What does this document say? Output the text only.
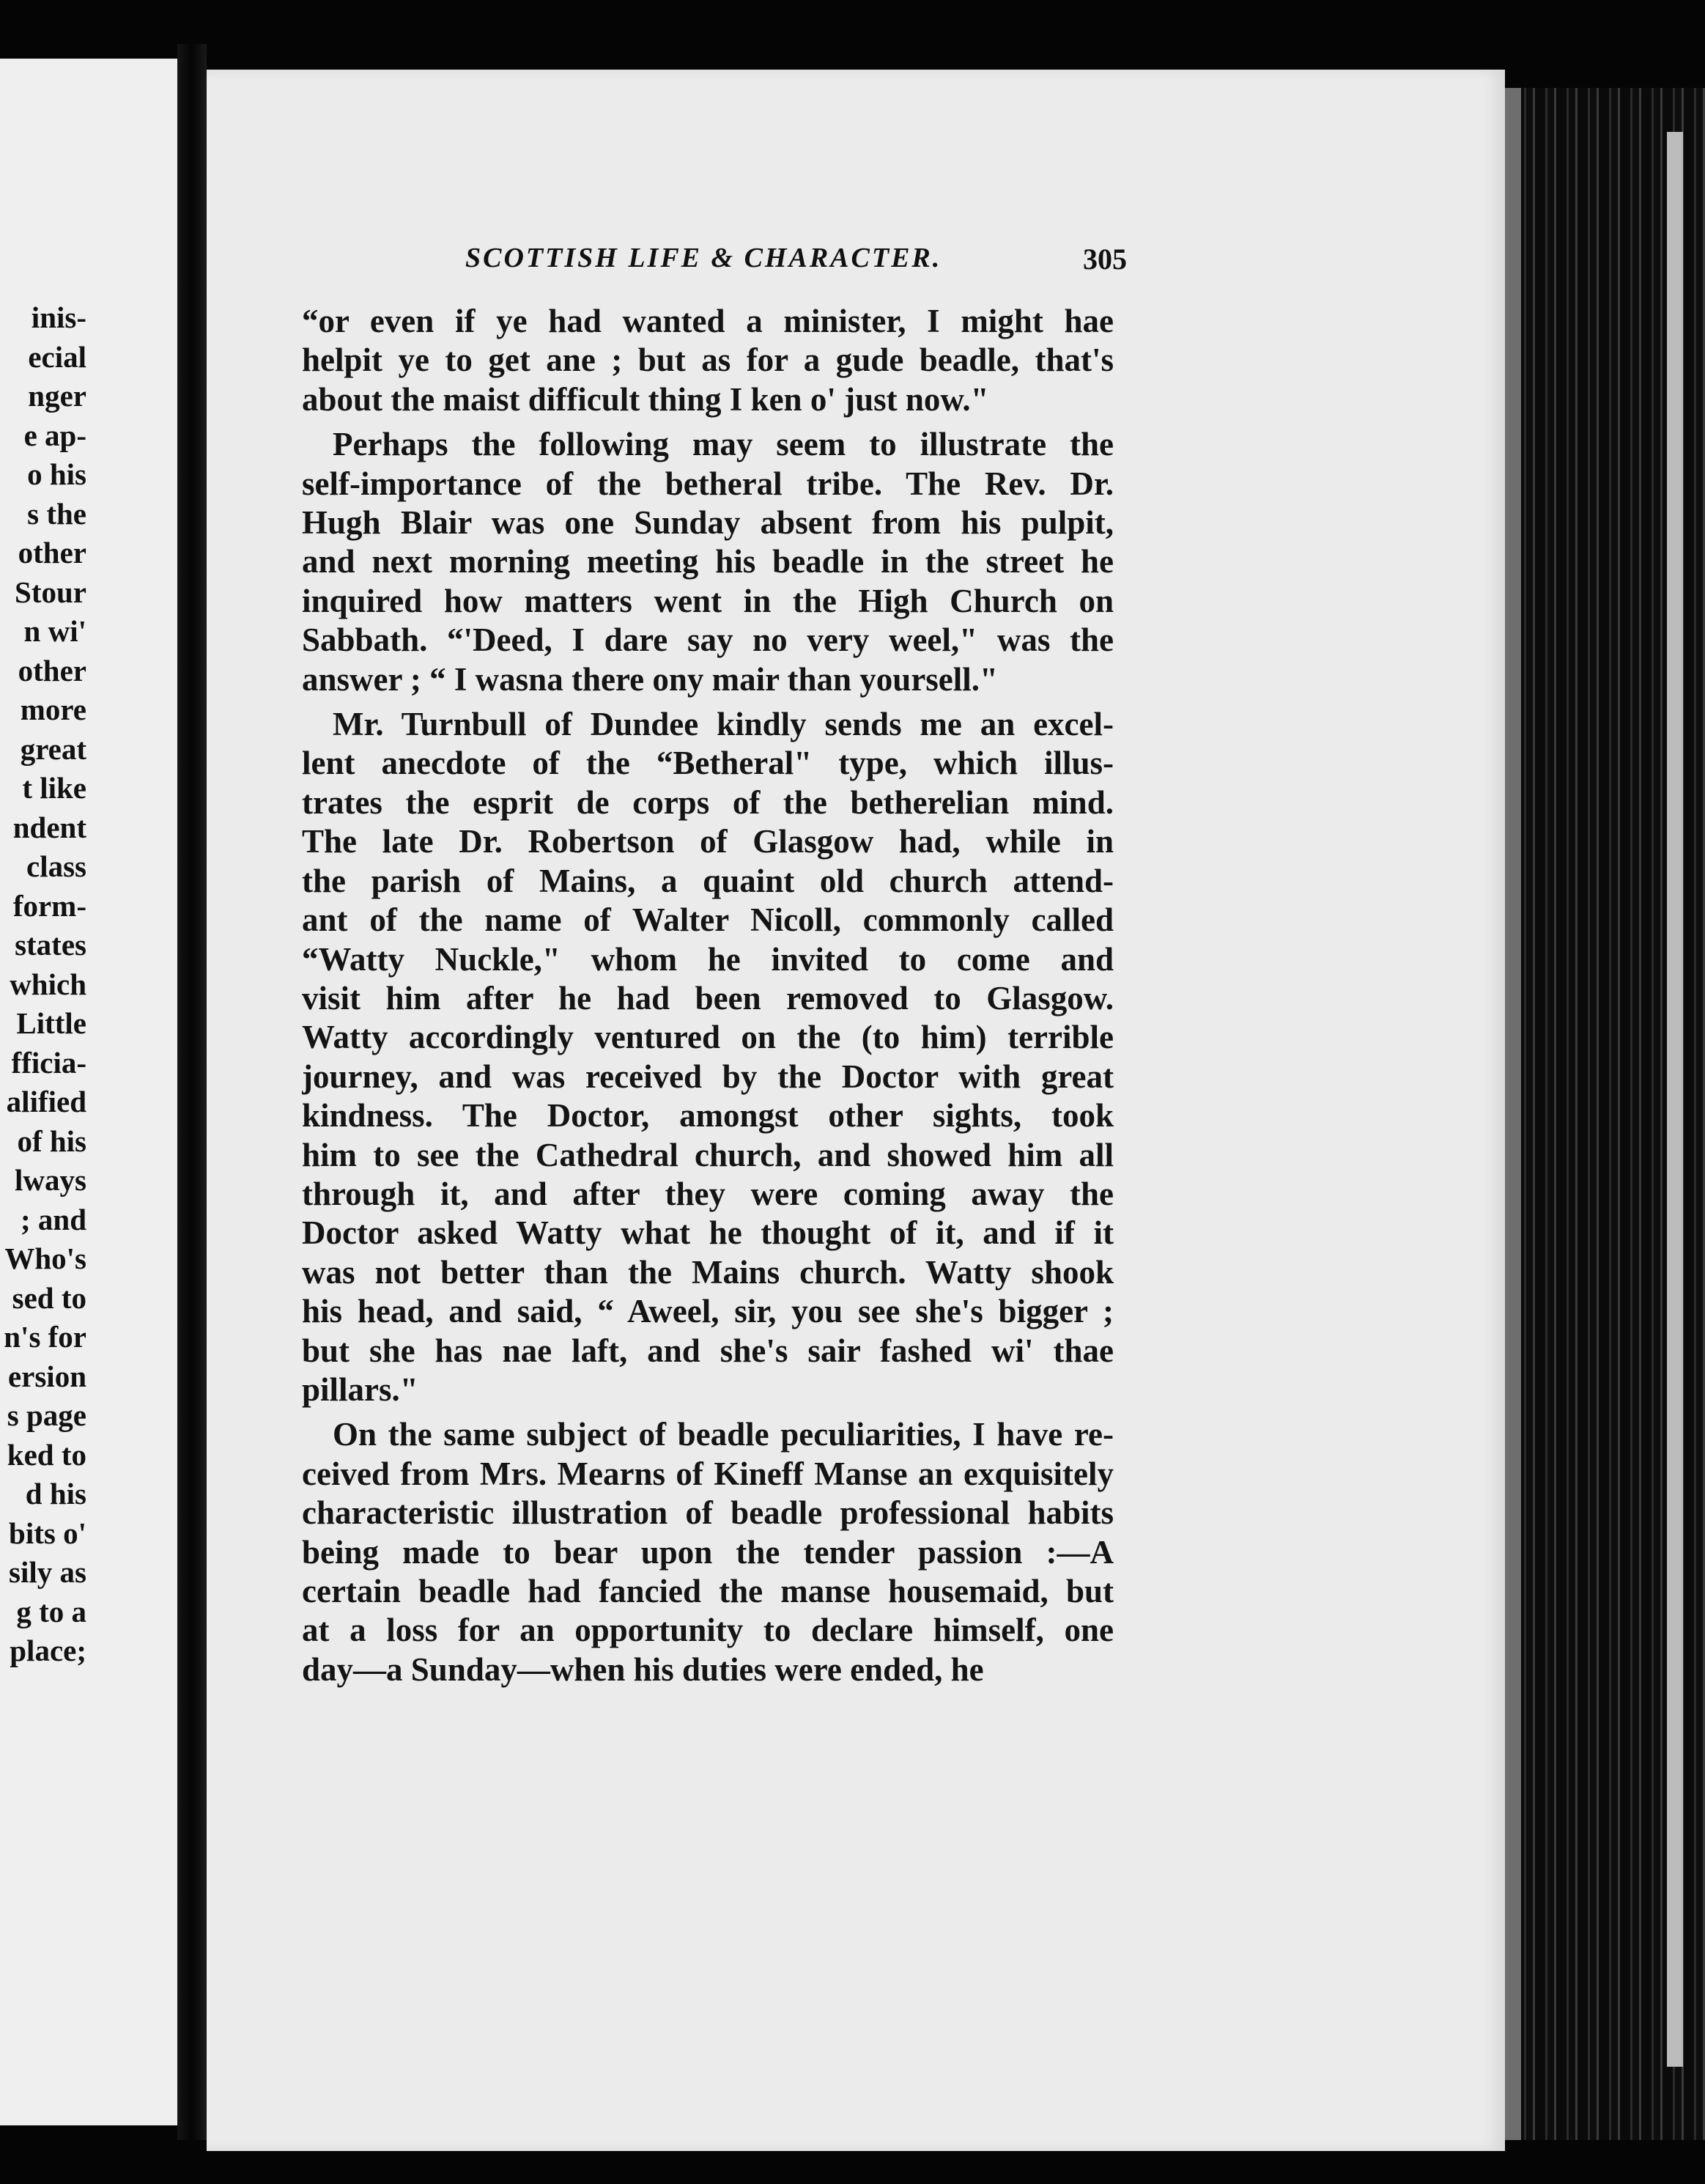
inis-
ecial
nger
e ap-
o his
s the
other
Stour
n wi'
other
more
great
t like
ndent
class
form-
states
which
Little
fficia-
alified
of his
lways
; and
Who's
sed to
n's for
ersion
s page
ked to
d his
bits o'
sily as
g to a
place;
SCOTTISH LIFE & CHARACTER.	305

“or even if ye had wanted a minister, I might hae
helpit ye to get ane ; but as for a gude beadle, that's
about the maist difficult thing I ken o' just now."

Perhaps the following may seem to illustrate the
self-importance of the betheral tribe. The Rev. Dr.
Hugh Blair was one Sunday absent from his pulpit,
and next morning meeting his beadle in the street he
inquired how matters went in the High Church on
Sabbath. “'Deed, I dare say no very weel," was the
answer ; “ I wasna there ony mair than yoursell."

Mr. Turnbull of Dundee kindly sends me an excel-
lent anecdote of the “Betheral" type, which illus-
trates the esprit de corps of the betherelian mind.
The late Dr. Robertson of Glasgow had, while in
the parish of Mains, a quaint old church attend-
ant of the name of Walter Nicoll, commonly called
“Watty Nuckle," whom he invited to come and
visit him after he had been removed to Glasgow.
Watty accordingly ventured on the (to him) terrible
journey, and was received by the Doctor with great
kindness. The Doctor, amongst other sights, took
him to see the Cathedral church, and showed him all
through it, and after they were coming away the
Doctor asked Watty what he thought of it, and if it
was not better than the Mains church. Watty shook
his head, and said, “ Aweel, sir, you see she's bigger ;
but she has nae laft, and she's sair fashed wi' thae
pillars."

On the same subject of beadle peculiarities, I have re-
ceived from Mrs. Mearns of Kineff Manse an exquisitely
characteristic illustration of beadle professional habits
being made to bear upon the tender passion :—A
certain beadle had fancied the manse housemaid, but
at a loss for an opportunity to declare himself, one
day—a Sunday—when his duties were ended, he
